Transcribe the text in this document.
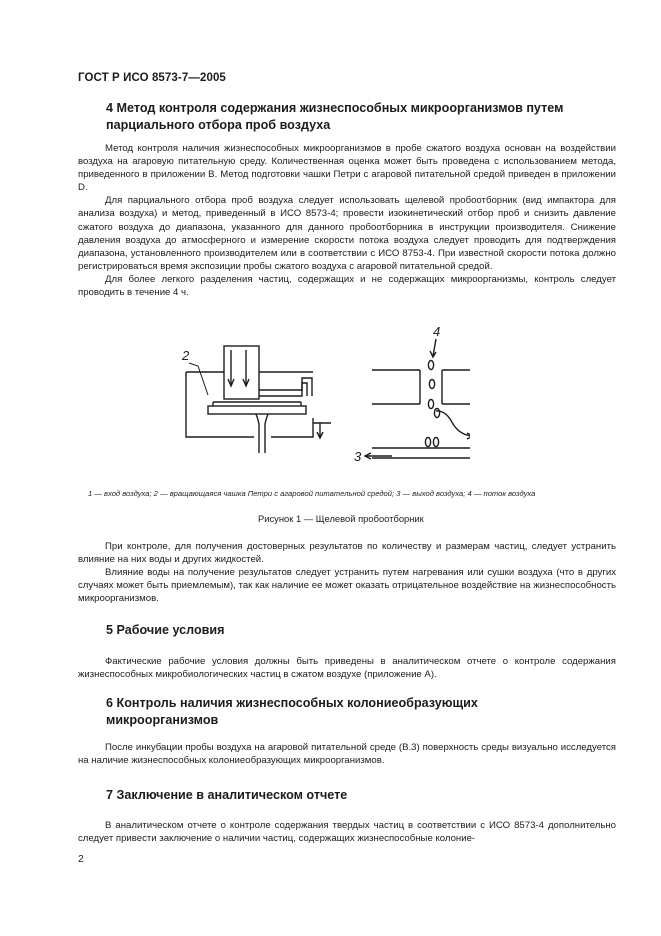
ГОСТ Р ИСО 8573-7—2005
4 Метод контроля содержания жизнеспособных микроорганизмов путем
парциального отбора проб воздуха

Метод контроля наличия жизнеспособных микроорганизмов в пробе сжатого воздуха основан на воздействии воздуха на агаровую питательную среду. Количественная оценка может быть проведена с использованием метода, приведенного в приложении В. Метод подготовки чашки Петри с агаровой питательной средой приведен в приложении D.

Для парциального отбора проб воздуха следует использовать щелевой пробоотборник (вид импактора для анализа воздуха) и метод, приведенный в ИСО 8573-4; провести изокинетический отбор проб и снизить давление сжатого воздуха до диапазона, указанного для данного пробоотборника в инструкции производителя. Снижение давления воздуха до атмосферного и измерение скорости потока воздуха следует проводить для подтверждения диапазона, установленного производителем или в соответствии с ИСО 8753-4. При известной скорости потока должно регистрироваться время экспозиции пробы сжатого воздуха с агаровой питательной средой.

Для более легкого разделения частиц, содержащих и не содержащих микроорганизмы, контроль следует проводить в течение 4 ч.

2
4
3
1 — вход воздуха; 2 — вращающаяся чашка Петри с агаровой питательной средой; 3 — выход воздуха; 4 — поток воздуха
Рисунок 1 — Щелевой пробоотборник

При контроле, для получения достоверных результатов по количеству и размерам частиц, следует устранить влияние на них воды и других жидкостей.

Влияние воды на получение результатов следует устранить путем нагревания или сушки воздуха (что в других случаях может быть приемлемым), так как наличие ее может оказать отрицательное воздействие на жизнеспособность микроорганизмов.

5 Рабочие условия

Фактические рабочие условия должны быть приведены в аналитическом отчете о контроле содержания жизнеспособных микробиологических частиц в сжатом воздухе (приложение А).

6 Контроль наличия жизнеспособных колониеобразующих
микроорганизмов

После инкубации пробы воздуха на агаровой питательной среде (В.3) поверхность среды визуально исследуется на наличие жизнеспособных колониеобразующих микроорганизмов.

7 Заключение в аналитическом отчете

В аналитическом отчете о контроле содержания твердых частиц в соответствии с ИСО 8573-4 дополнительно следует привести заключение о наличии частиц, содержащих жизнеспособные колоние-

2
